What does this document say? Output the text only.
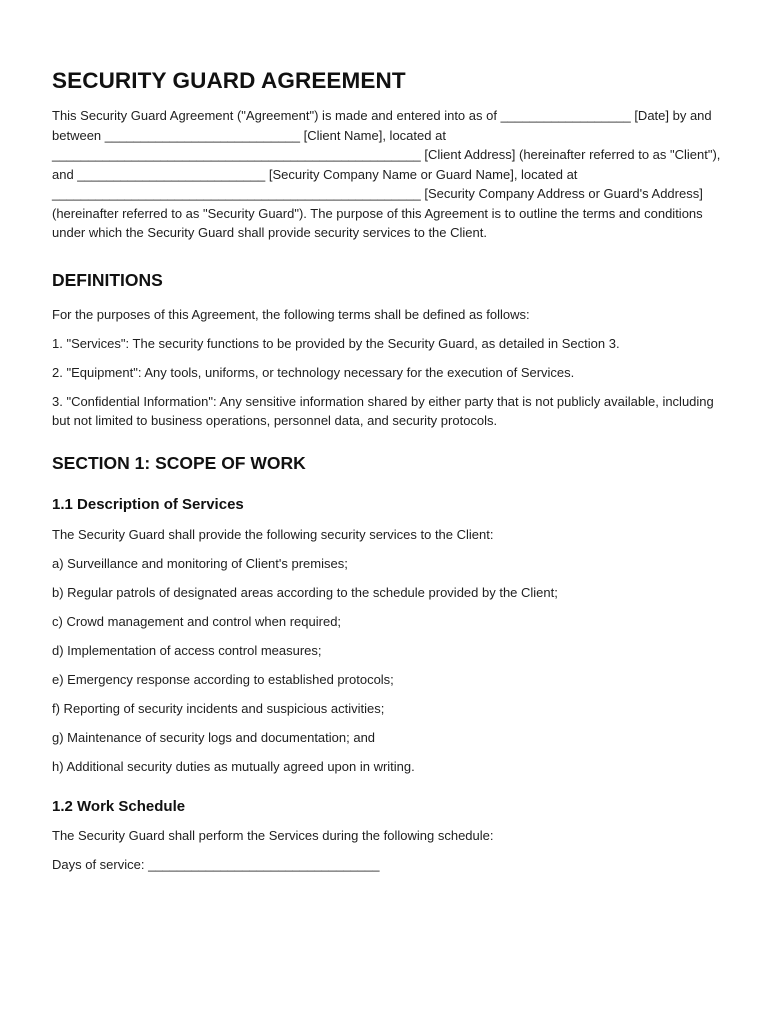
SECURITY GUARD AGREEMENT

This Security Guard Agreement ("Agreement") is made and entered into as of __________________ [Date] by and between ___________________________ [Client Name], located at ___________________________________________________ [Client Address] (hereinafter referred to as "Client"), and __________________________ [Security Company Name or Guard Name], located at ___________________________________________________ [Security Company Address or Guard's Address] (hereinafter referred to as "Security Guard"). The purpose of this Agreement is to outline the terms and conditions under which the Security Guard shall provide security services to the Client.

DEFINITIONS

For the purposes of this Agreement, the following terms shall be defined as follows:

1. "Services": The security functions to be provided by the Security Guard, as detailed in Section 3.

2. "Equipment": Any tools, uniforms, or technology necessary for the execution of Services.

3. "Confidential Information": Any sensitive information shared by either party that is not publicly available, including but not limited to business operations, personnel data, and security protocols.

SECTION 1: SCOPE OF WORK
1.1 Description of Services

The Security Guard shall provide the following security services to the Client:

a) Surveillance and monitoring of Client's premises;

b) Regular patrols of designated areas according to the schedule provided by the Client;

c) Crowd management and control when required;

d) Implementation of access control measures;

e) Emergency response according to established protocols;

f) Reporting of security incidents and suspicious activities;

g) Maintenance of security logs and documentation; and

h) Additional security duties as mutually agreed upon in writing.

1.2 Work Schedule

The Security Guard shall perform the Services during the following schedule:

Days of service: ________________________________
